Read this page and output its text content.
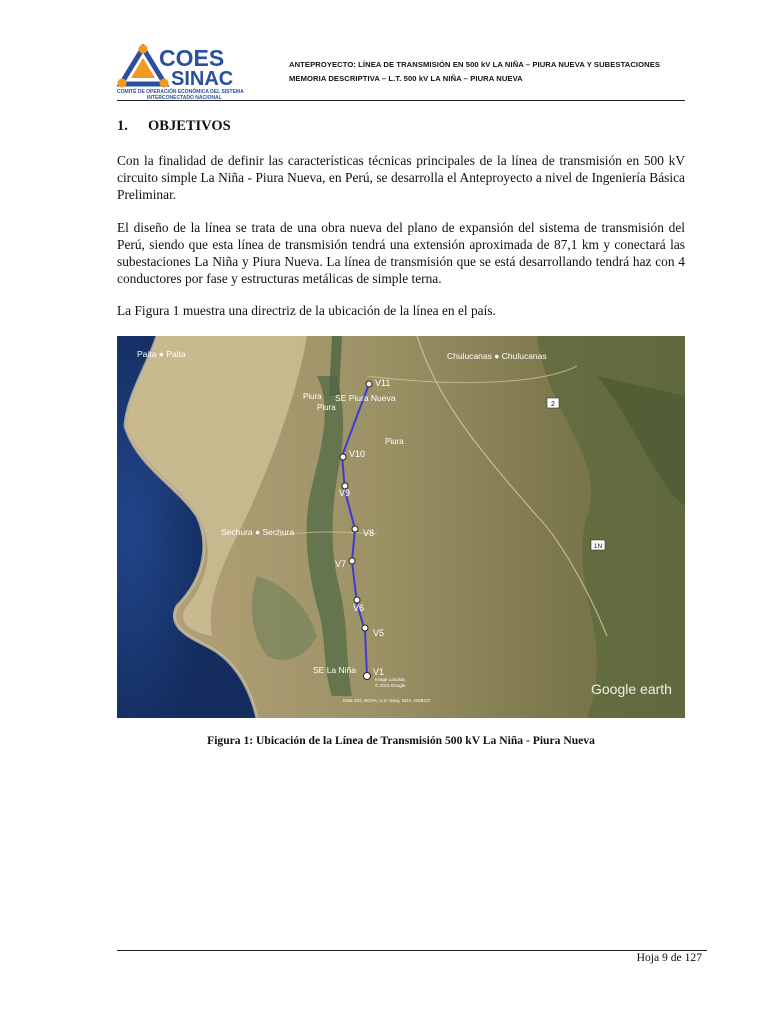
COES
SINAC
COMITÉ DE OPERACIÓN ECONÓMICA DEL SISTEMA
INTERCONECTADO NACIONAL
ANTEPROYECTO: LÍNEA DE TRANSMISIÓN EN 500 kV LA NIÑA – PIURA NUEVA Y SUBESTACIONES
MEMORIA DESCRIPTIVA – L.T. 500 kV LA NIÑA – PIURA NUEVA
1. OBJETIVOS

Con la finalidad de definir las características técnicas principales de la línea de transmisión en 500 kV circuito simple La Niña - Piura Nueva, en Perú, se desarrolla el Anteproyecto a nivel de Ingeniería Básica Preliminar.

El diseño de la línea se trata de una obra nueva del plano de expansión del sistema de transmisión del Perú, siendo que esta línea de transmisión tendrá una extensión aproximada de 87,1 km y conectará las subestaciones La Niña y Piura Nueva. La línea de transmisión que se está desarrollando tendrá haz con 4 conductores por fase y estructuras metálicas de simple terna.

La Figura 1 muestra una directriz de la ubicación de la línea en el país.

2
1N
V11
V10
V9
V8
V7
V6
V5
V1
Paita ● Paita	Chulucanas ● Chulucanas
Piura
Piura
SE Piura Nueva
Piura
Sechura ● Sechura
SE La Niña
Image Landsat
© 2015 Google
Data SIO, NOAA, U.S. Navy, NGA, GEBCO
Google earth

Figura 1: Ubicación de la Línea de Transmisión 500 kV La Niña - Piura Nueva

Hoja 9 de 127
